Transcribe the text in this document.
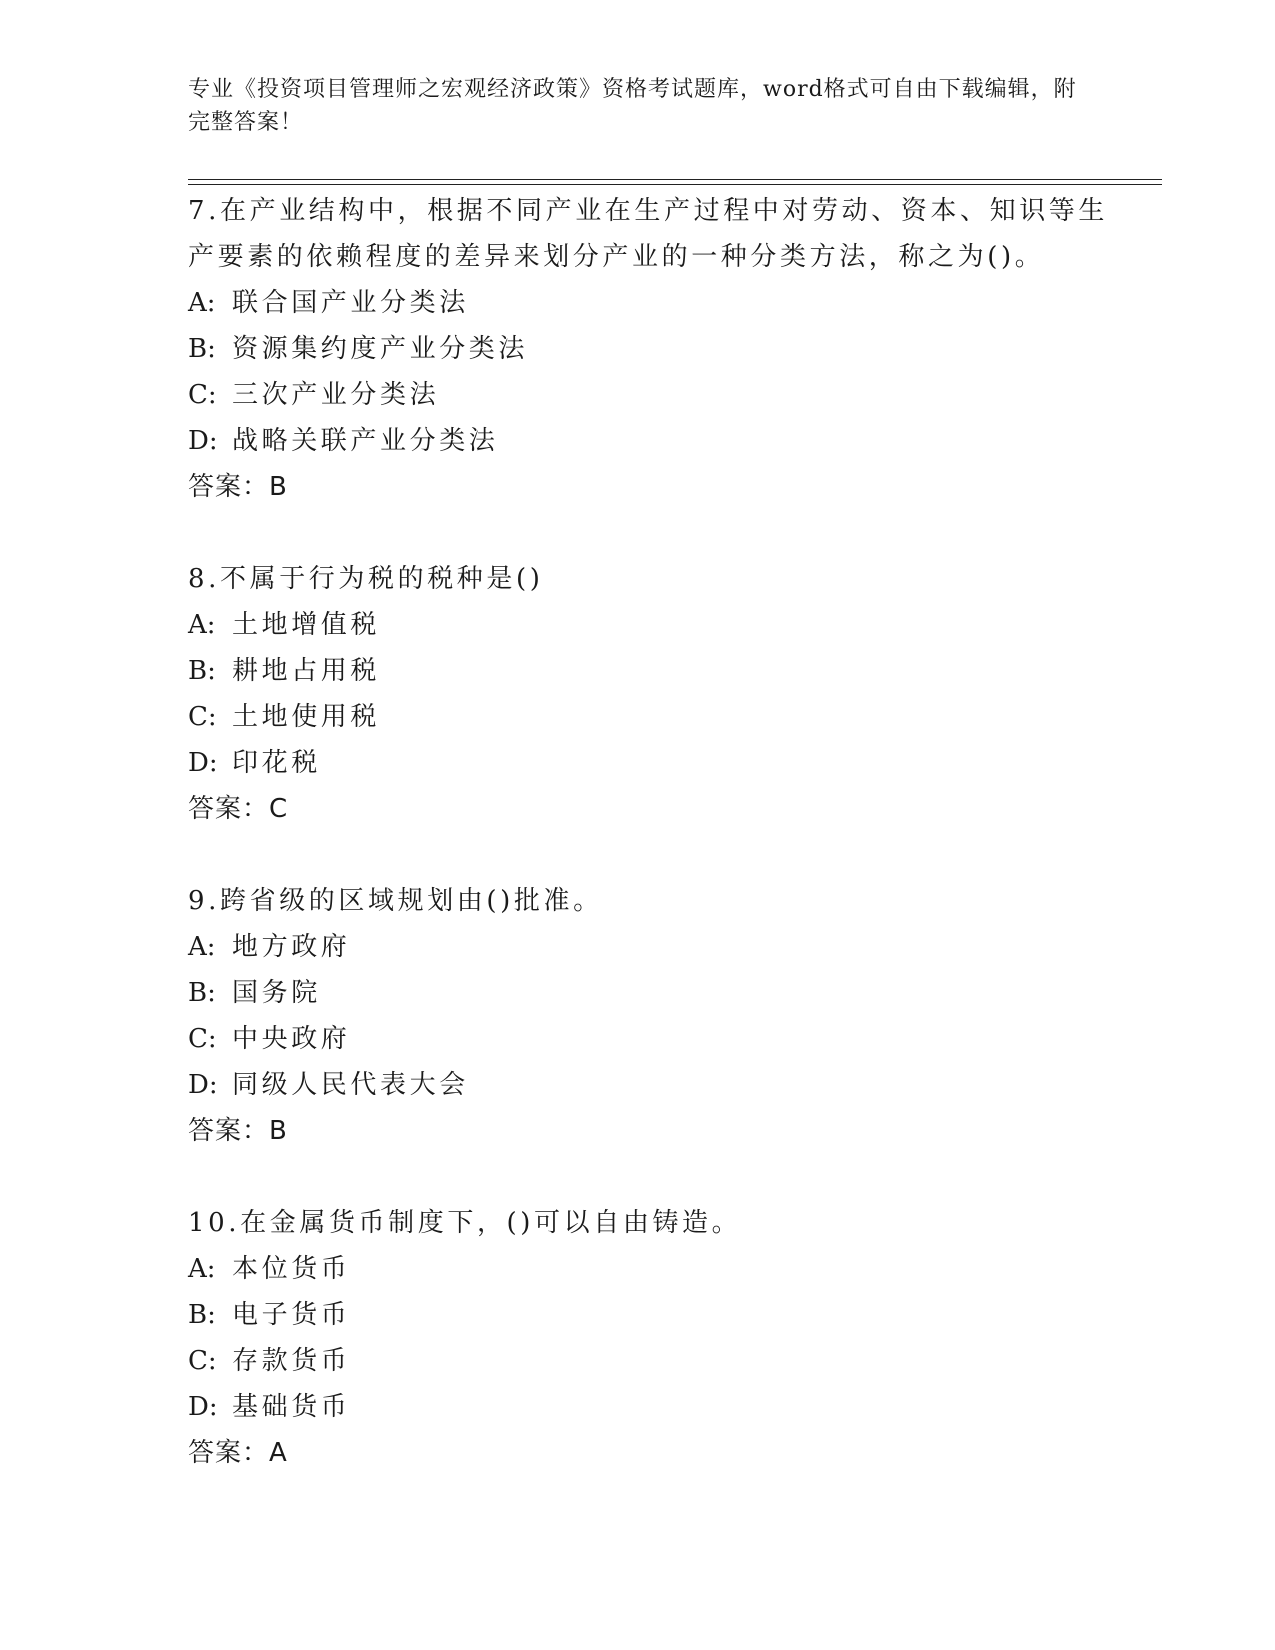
专业《投资项目管理师之宏观经济政策》资格考试题库，word格式可自由下载编辑，附完整答案！

7.在产业结构中，根据不同产业在生产过程中对劳动、资本、知识等生产要素的依赖程度的差异来划分产业的一种分类方法，称之为()。

A: 联合国产业分类法

B: 资源集约度产业分类法

C: 三次产业分类法

D: 战略关联产业分类法

答案：B

8.不属于行为税的税种是()

A: 土地增值税

B: 耕地占用税

C: 土地使用税

D: 印花税

答案：C

9.跨省级的区域规划由()批准。

A: 地方政府

B: 国务院

C: 中央政府

D: 同级人民代表大会

答案：B

10.在金属货币制度下，()可以自由铸造。

A: 本位货币

B: 电子货币

C: 存款货币

D: 基础货币

答案：A
